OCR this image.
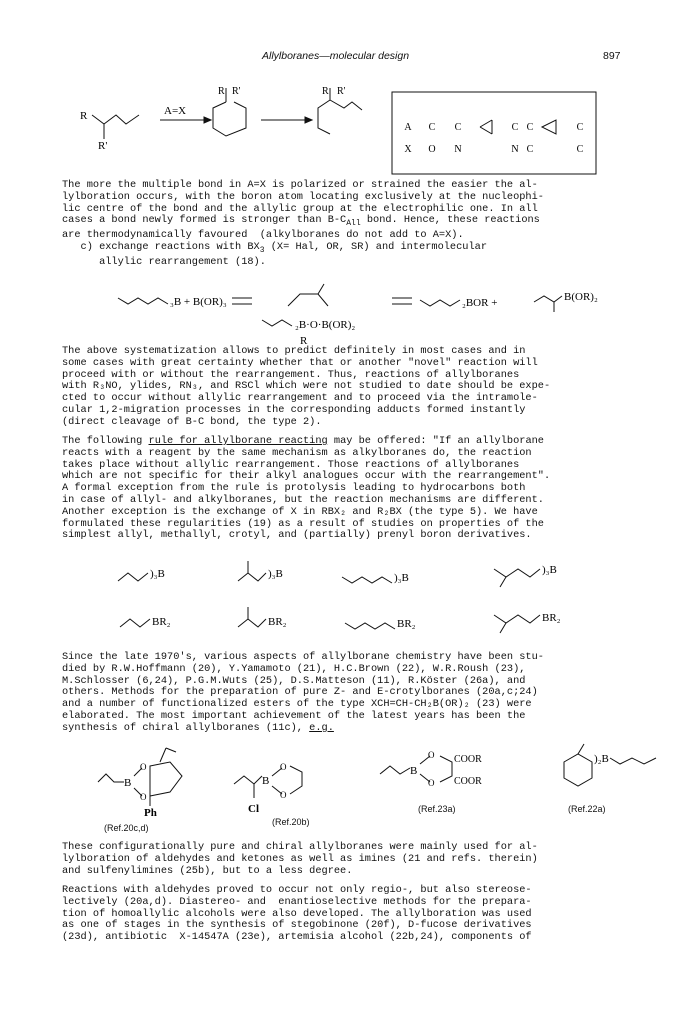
Allylboranes—molecular design	897
R
R'
A=X
R R'	R R'
A
X
C
O
C
N
C
N
C
C
C
C
The more the multiple bond in A=X is polarized or strained the easier the al-
lylboration occurs, with the boron atom locating exclusively at the nucleophi-
lic centre of the bond and the allylic group at the electrophilic one. In all
cases a bond newly formed is stronger than $B-C_{All}$ bond. Hence, these reactions
are thermodynamically favoured  (alkylboranes do not add to A=X).
c) exchange reactions with $BX_3$ (X= Hal, OR, SR) and intermolecular
allylic rearrangement (18).
₃B + B(OR)₃
₂B·O·B(OR)₂
R
₂BOR +	B(OR)₂
The above systematization allows to predict definitely in most cases and in
some cases with great certainty whether that or another "novel" reaction will
proceed with or without the rearrangement. Thus, reactions of allylboranes
with R₃NO, ylides, RN₃, and RSCl which were not studied to date should be expe-
cted to occur without allylic rearrangement and to proceed via the intramole-
cular 1,2-migration processes in the corresponding adducts formed instantly
(direct cleavage of B-C bond, the type 2).
The following rule for allylborane reacting may be offered: "If an allylborane
reacts with a reagent by the same mechanism as alkylboranes do, the reaction
takes place without allylic rearrangement. Those reactions of allylboranes
which are not specific for their alkyl analogues occur with the rearrangement".
A formal exception from the rule is protolysis leading to hydrocarbons both
in case of allyl- and alkylboranes, but the reaction mechanisms are different.
Another exception is the exchange of X in RBX₂ and R₂BX (the type 5). We have
formulated these regularities (19) as a result of studies on properties of the
simplest allyl, methallyl, crotyl, and (partially) prenyl boron derivatives.
)₃B	)₃B	)₃B
)₃B
BR₂	BR₂	BR₂	BR₂
Since the late 1970's, various aspects of allylborane chemistry have been stu-
died by R.W.Hoffmann (20), Y.Yamamoto (21), H.C.Brown (22), W.R.Roush (23),
M.Schlosser (6,24), P.G.M.Wuts (25), D.S.Matteson (11), R.Köster (26a), and
others. Methods for the preparation of pure Z- and E-crotylboranes (20a,c;24)
and a number of functionalized esters of the type XCH=CH-CH₂B(OR)₂ (23) were
elaborated. The most important achievement of the latest years has been the
synthesis of chiral allylboranes (11c), e.g.
B
O
O
Ph
B
O
O
Cl
B
O
O
COOR
COOR
)₂B
(Ref.20c,d)
(Ref.20b)
(Ref.23a)	(Ref.22a)
These configurationally pure and chiral allylboranes were mainly used for al-
lylboration of aldehydes and ketones as well as imines (21 and refs. therein)
and sulfenylimines (25b), but to a less degree.
Reactions with aldehydes proved to occur not only regio-, but also stereose-
lectively (20a,d). Diastereo- and  enantioselective methods for the prepara-
tion of homoallylic alcohols were also developed. The allylboration was used
as one of stages in the synthesis of stegobinone (20f), D-fucose derivatives
(23d), antibiotic  X-14547A (23e), artemisia alcohol (22b,24), components of
